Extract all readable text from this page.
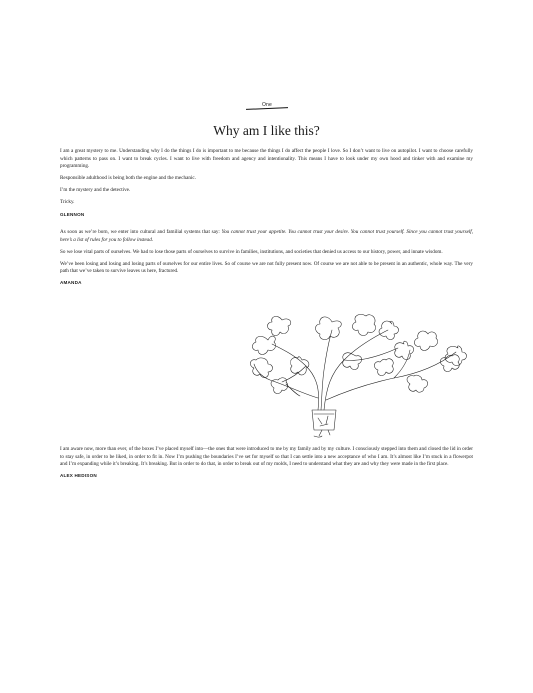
One
Why am I like this?

I am a great mystery to me. Understanding why I do the things I do is important to me because the things I do affect the people I love. So I don’t want to live on autopilot. I want to choose carefully which patterns to pass on. I want to break cycles. I want to live with freedom and agency and intentionality. This means I have to look under my own hood and tinker with and examine my programming.

Responsible adulthood is being both the engine and the mechanic.

I’m the mystery and the detective.

Tricky.

GLENNON

As soon as we’re born, we enter into cultural and familial systems that say: You cannot trust your appetite. You cannot trust your desire. You cannot trust yourself. Since you cannot trust yourself, here’s a list of rules for you to follow instead.

So we lose vital parts of ourselves. We had to lose those parts of ourselves to survive in families, institutions, and societies that denied us access to our history, power, and innate wisdom.

We’ve been losing and losing and losing parts of ourselves for our entire lives. So of course we are not fully present now. Of course we are not able to be present in an authentic, whole way. The very path that we’ve taken to survive leaves us here, fractured.

AMANDA

I am aware now, more than ever, of the boxes I’ve placed myself into—the ones that were introduced to me by my family and by my culture. I consciously stepped into them and closed the lid in order to stay safe, in order to be liked, in order to fit in. Now I’m pushing the boundaries I’ve set for myself so that I can settle into a new acceptance of who I am. It’s almost like I’m stuck in a flowerpot and I’m expanding while it’s breaking. It’s breaking. But in order to do that, in order to break out of my molds, I need to understand what they are and why they were made in the first place.

ALEX HEDISON
